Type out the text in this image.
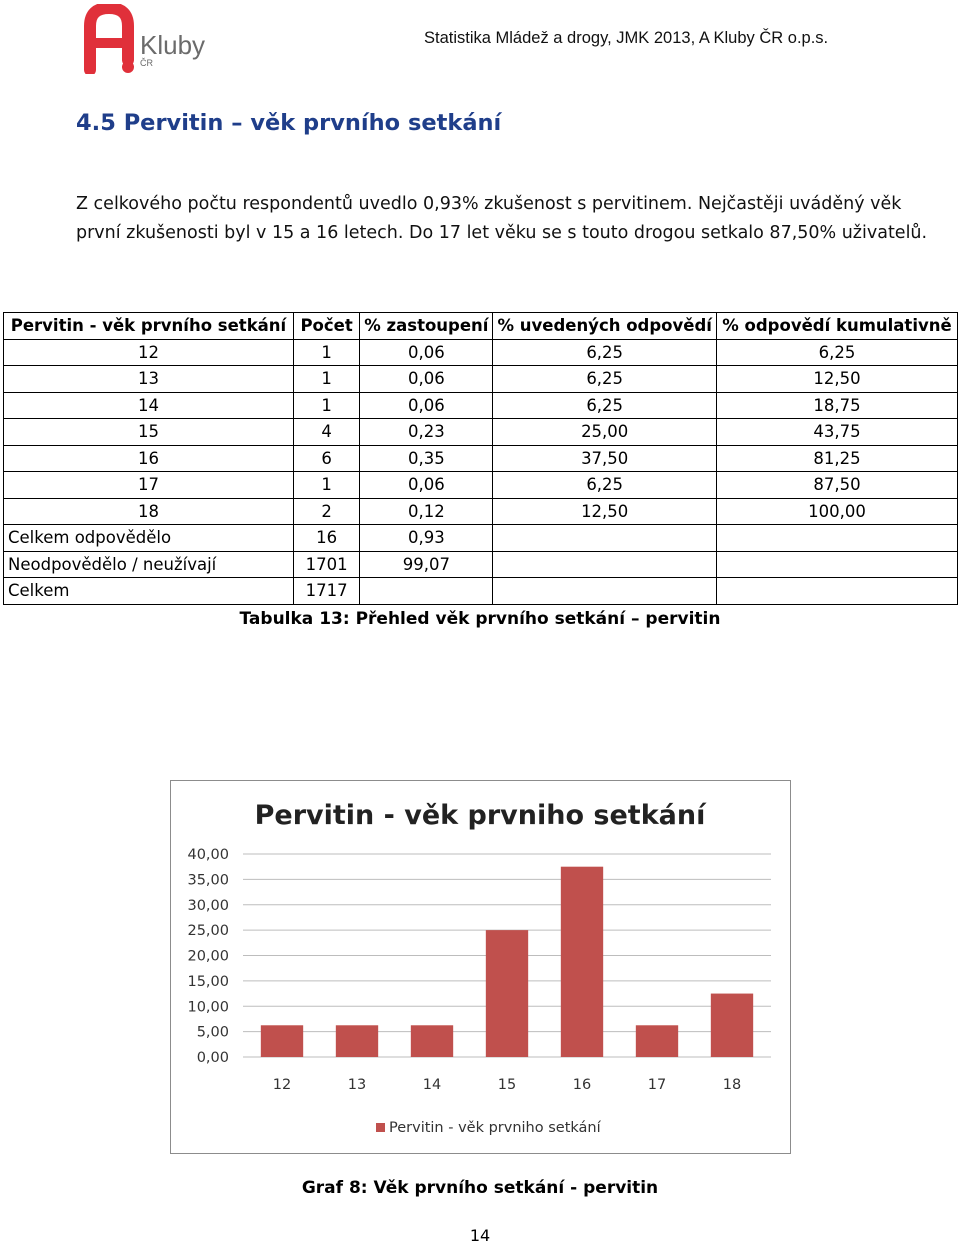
Kluby
ČR
Statistika Mládež a drogy, JMK 2013, A Kluby ČR o.p.s.
4.5 Pervitin – věk prvního setkání

Z celkového počtu respondentů uvedlo 0,93% zkušenost s pervitinem. Nejčastěji uváděný věk

první zkušenosti byl v 15 a 16 letech. Do 17 let věku se s touto drogou setkalo 87,50% uživatelů.

Pervitin - věk prvního setkání	Počet	% zastoupení	% uvedených odpovědí	% odpovědí kumulativně
12	1	0,06	6,25	6,25
13	1	0,06	6,25	12,50
14	1	0,06	6,25	18,75
15	4	0,23	25,00	43,75
16	6	0,35	37,50	81,25
17	1	0,06	6,25	87,50
18	2	0,12	12,50	100,00
Celkem odpovědělo	16	0,93		
Neodpovědělo / neužívají	1701	99,07		
Celkem	1717			
Tabulka 13: Přehled věk prvního setkání – pervitin
Pervitin - věk prvniho setkání
0,00
5,00
10,00
15,00
20,00
25,00
30,00
35,00
40,00
12	13	14	15	16	17	18
Pervitin - věk prvniho setkání
Graf 8: Věk prvního setkání - pervitin
14
